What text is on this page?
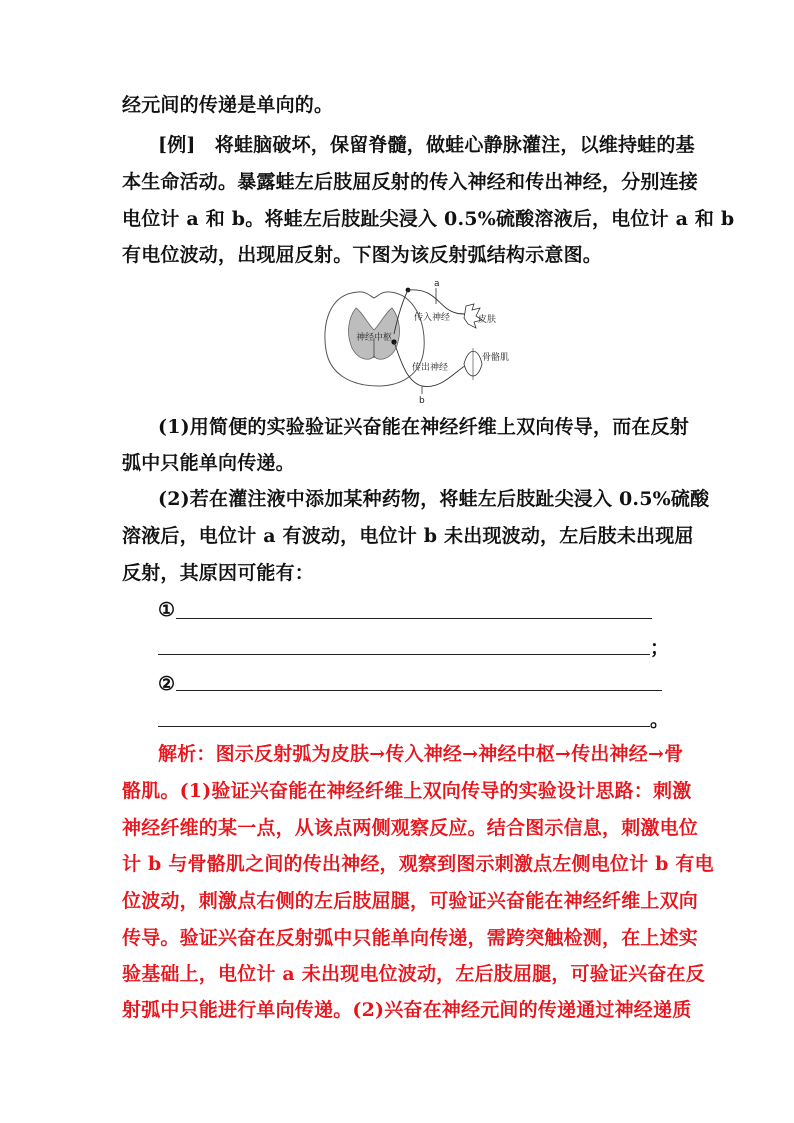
经元间的传递是单向的。
[例]　将蛙脑破坏，保留脊髓，做蛙心静脉灌注，以维持蛙的基
本生命活动。暴露蛙左后肢屈反射的传入神经和传出神经，分别连接
电位计 a 和 b。将蛙左后肢趾尖浸入 0.5%硫酸溶液后，电位计 a 和 b
有电位波动，出现屈反射。下图为该反射弧结构示意图。
a
b
传入神经	皮肤
神经中枢
传出神经
骨骼肌
(1)用简便的实验验证兴奋能在神经纤维上双向传导，而在反射
弧中只能单向传递。
(2)若在灌注液中添加某种药物，将蛙左后肢趾尖浸入 0.5%硫酸
溶液后，电位计 a 有波动，电位计 b 未出现波动，左后肢未出现屈
反射，其原因可能有：
①
；
②
。
解析：图示反射弧为皮肤→传入神经→神经中枢→传出神经→骨
骼肌。(1)验证兴奋能在神经纤维上双向传导的实验设计思路：刺激
神经纤维的某一点，从该点两侧观察反应。结合图示信息，刺激电位
计 b 与骨骼肌之间的传出神经，观察到图示刺激点左侧电位计 b 有电
位波动，刺激点右侧的左后肢屈腿，可验证兴奋能在神经纤维上双向
传导。验证兴奋在反射弧中只能单向传递，需跨突触检测，在上述实
验基础上，电位计 a 未出现电位波动，左后肢屈腿，可验证兴奋在反
射弧中只能进行单向传递。(2)兴奋在神经元间的传递通过神经递质
